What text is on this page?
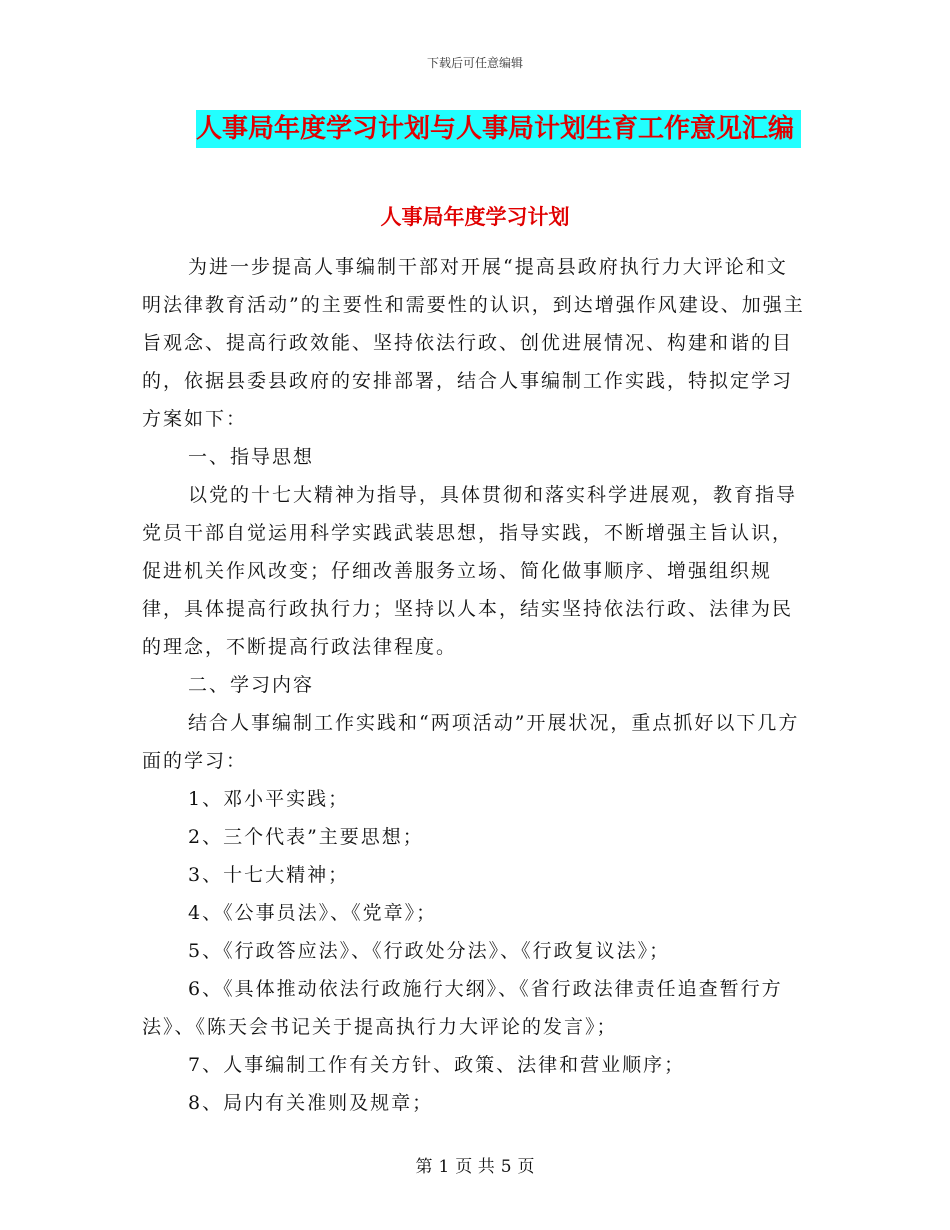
下载后可任意编辑
人事局年度学习计划与人事局计划生育工作意见汇编
人事局年度学习计划

为进一步提高人事编制干部对开展“提高县政府执行力大评论和文明法律教育活动”的主要性和需要性的认识，到达增强作风建设、加强主旨观念、提高行政效能、坚持依法行政、创优进展情况、构建和谐的目的，依据县委县政府的安排部署，结合人事编制工作实践，特拟定学习方案如下：

一、指导思想

以党的十七大精神为指导，具体贯彻和落实科学进展观，教育指导党员干部自觉运用科学实践武装思想，指导实践，不断增强主旨认识，促进机关作风改变；仔细改善服务立场、简化做事顺序、增强组织规律，具体提高行政执行力；坚持以人本，结实坚持依法行政、法律为民的理念，不断提高行政法律程度。

二、学习内容

结合人事编制工作实践和“两项活动”开展状况，重点抓好以下几方面的学习：

1、邓小平实践；

2、三个代表”主要思想；

3、十七大精神；

4、《公事员法》、《党章》；

5、《行政答应法》、《行政处分法》、《行政复议法》；

6、《具体推动依法行政施行大纲》、《省行政法律责任追查暂行方法》、《陈天会书记关于提高执行力大评论的发言》；

7、人事编制工作有关方针、政策、法律和营业顺序；

8、局内有关准则及规章；

第 1 页 共 5 页
